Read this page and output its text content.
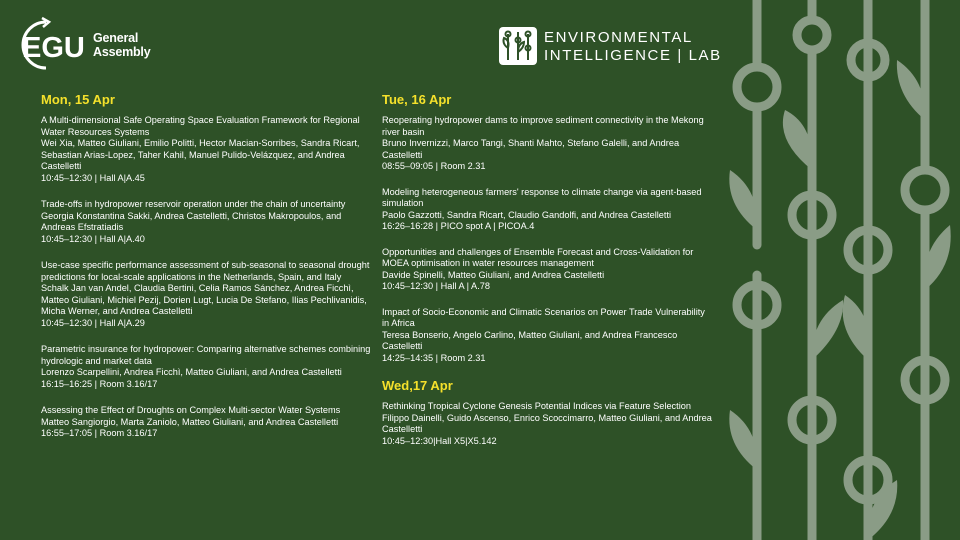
EGU General
Assembly
ENVIRONMENTAL
INTELLIGENCE | LAB
Mon, 15 Apr
A Multi-dimensional Safe Operating Space Evaluation Framework for Regional Water Resources Systems
Wei Xia, Matteo Giuliani, Emilio Politti, Hector Macian-Sorribes, Sandra Ricart, Sebastian Arias-Lopez, Taher Kahil, Manuel Pulido-Velázquez, and Andrea Castelletti
10:45–12:30 | Hall A|A.45
Trade-offs in hydropower reservoir operation under the chain of uncertainty
Georgia Konstantina Sakki, Andrea Castelletti, Christos Makropoulos, and Andreas Efstratiadis
10:45–12:30 | Hall A|A.40
Use-case specific performance assessment of sub-seasonal to seasonal drought predictions for local-scale applications in the Netherlands, Spain, and Italy
Schalk Jan van Andel, Claudia Bertini, Celia Ramos Sánchez, Andrea Ficchì, Matteo Giuliani, Michiel Pezij, Dorien Lugt, Lucia De Stefano, Ilias Pechlivanidis, Micha Werner, and Andrea Castelletti
10:45–12:30 | Hall A|A.29
Parametric insurance for hydropower: Comparing alternative schemes combining hydrologic and market data
Lorenzo Scarpellini, Andrea Ficchì, Matteo Giuliani, and Andrea Castelletti
16:15–16:25 | Room 3.16/17
Assessing the Effect of Droughts on Complex Multi-sector Water Systems
Matteo Sangiorgio, Marta Zaniolo, Matteo Giuliani, and Andrea Castelletti
16:55–17:05 | Room 3.16/17
Tue, 16 Apr
Reoperating hydropower dams to improve sediment connectivity in the Mekong river basin
Bruno Invernizzi, Marco Tangi, Shanti Mahto, Stefano Galelli, and Andrea Castelletti
08:55–09:05 | Room 2.31
Modeling heterogeneous farmers' response to climate change via agent-based simulation
Paolo Gazzotti, Sandra Ricart, Claudio Gandolfi, and Andrea Castelletti
16:26–16:28 | PICO spot A | PICOA.4
Opportunities and challenges of Ensemble Forecast and Cross-Validation for MOEA optimisation in water resources management
Davide Spinelli, Matteo Giuliani, and Andrea Castelletti
10:45–12:30 | Hall A | A.78
Impact of Socio-Economic and Climatic Scenarios on Power Trade Vulnerability in Africa
Teresa Bonserio, Angelo Carlino, Matteo Giuliani, and Andrea Francesco Castelletti
14:25–14:35 | Room 2.31
Wed,17 Apr
Rethinking Tropical Cyclone Genesis Potential Indices via Feature Selection
Filippo Dainelli, Guido Ascenso, Enrico Scoccimarro, Matteo Giuliani, and Andrea Castelletti
10:45–12:30|Hall X5|X5.142
